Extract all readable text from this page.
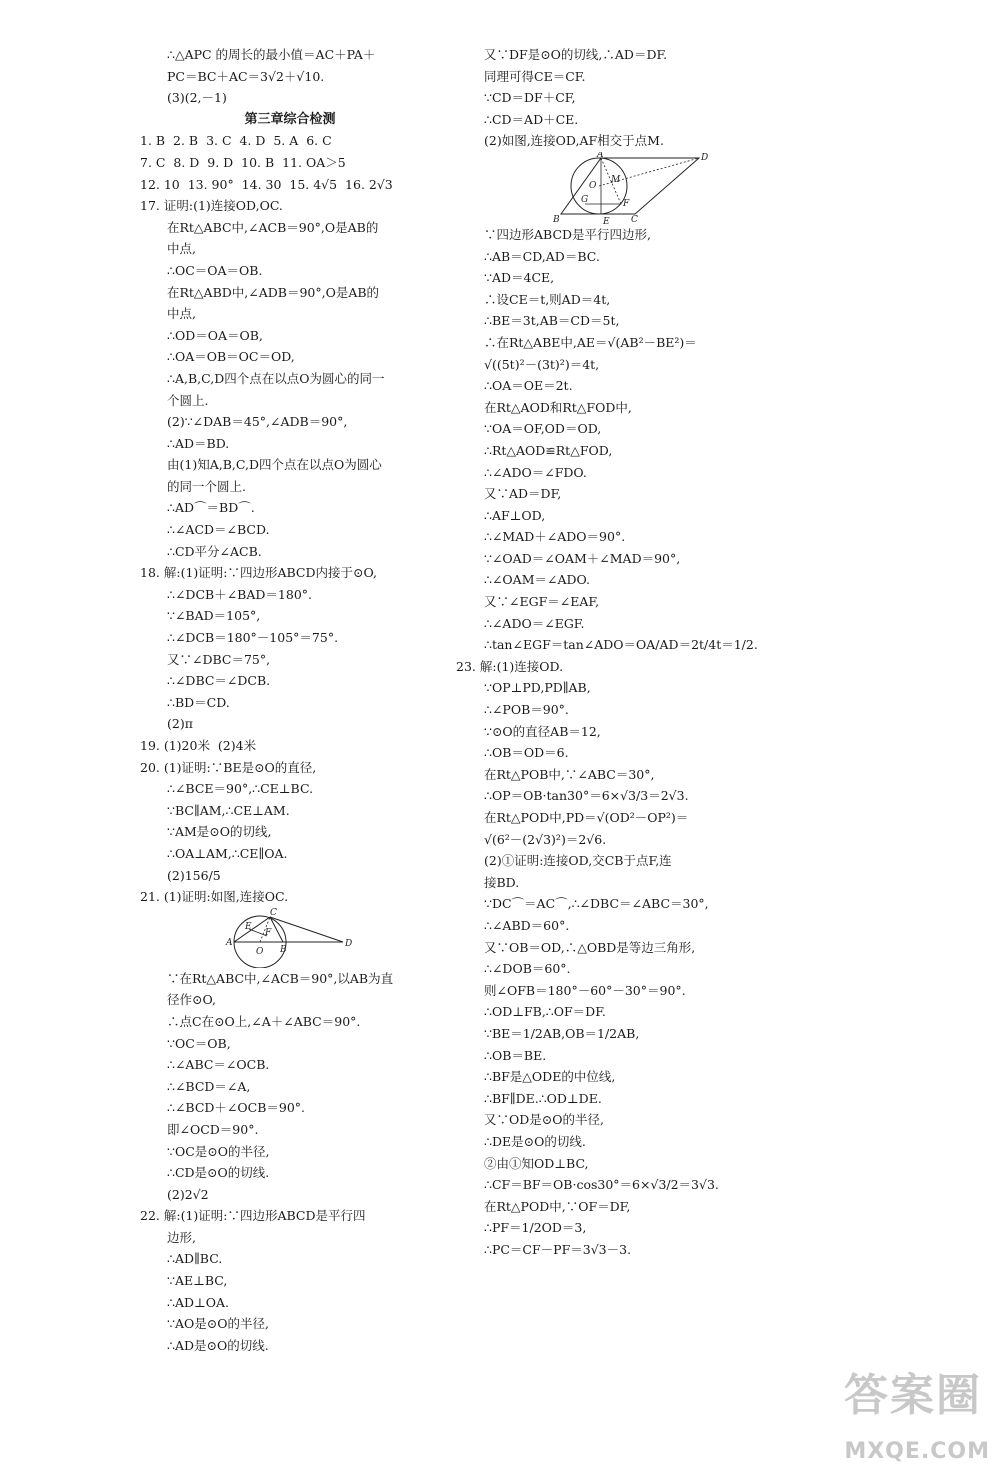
∴△APC 的周长的最小值＝AC＋PA＋
PC＝BC＋AC＝3√2＋√10.
(3)(2,－1)
第三章综合检测
1. B  2. B  3. C  4. D  5. A  6. C
7. C  8. D  9. D  10. B  11. OA＞5
12. 10  13. 90°  14. 30  15. 4√5  16. 2√3
17. 证明:(1)连接OD,OC.
在Rt△ABC中,∠ACB＝90°,O是AB的
中点,
∴OC＝OA＝OB.
在Rt△ABD中,∠ADB＝90°,O是AB的
中点,
∴OD＝OA＝OB,
∴OA＝OB＝OC＝OD,
∴A,B,C,D四个点在以点O为圆心的同一
个圆上.
(2)∵∠DAB＝45°,∠ADB＝90°,
∴AD＝BD.
由(1)知A,B,C,D四个点在以点O为圆心
的同一个圆上.
∴AD⌒＝BD⌒.
∴∠ACD＝∠BCD.
∴CD平分∠ACB.
18. 解:(1)证明:∵四边形ABCD内接于⊙O,
∴∠DCB＋∠BAD＝180°.
∵∠BAD＝105°,
∴∠DCB＝180°－105°＝75°.
又∵∠DBC＝75°,
∴∠DBC＝∠DCB.
∴BD＝CD.
(2)π
19. (1)20米  (2)4米
20. (1)证明:∵BE是⊙O的直径,
∴∠BCE＝90°,∴CE⊥BC.
∵BC∥AM,∴CE⊥AM.
∵AM是⊙O的切线,
∴OA⊥AM,∴CE∥OA.
(2)156/5
21. (1)证明:如图,连接OC.
C
E
F
A
O B
D
∵在Rt△ABC中,∠ACB＝90°,以AB为直
径作⊙O,
∴点C在⊙O上,∠A＋∠ABC＝90°.
∵OC＝OB,
∴∠ABC＝∠OCB.
∴∠BCD＝∠A,
∴∠BCD＋∠OCB＝90°.
即∠OCD＝90°.
∵OC是⊙O的半径,
∴CD是⊙O的切线.
(2)2√2
22. 解:(1)证明:∵四边形ABCD是平行四
边形,
∴AD∥BC.
∵AE⊥BC,
∴AD⊥OA.
∵AO是⊙O的半径,
∴AD是⊙O的切线.
又∵DF是⊙O的切线,∴AD＝DF.
同理可得CE＝CF.
∵CD＝DF＋CF,
∴CD＝AD＋CE.
(2)如图,连接OD,AF相交于点M.
A	D
O
M
G
B	E
F
C
∵四边形ABCD是平行四边形,
∴AB＝CD,AD＝BC.
∵AD＝4CE,
∴设CE＝t,则AD＝4t,
∴BE＝3t,AB＝CD＝5t,
∴在Rt△ABE中,AE＝√(AB²－BE²)＝
√((5t)²－(3t)²)＝4t,
∴OA＝OE＝2t.
在Rt△AOD和Rt△FOD中,
∵OA＝OF,OD＝OD,
∴Rt△AOD≌Rt△FOD,
∴∠ADO＝∠FDO.
又∵AD＝DF,
∴AF⊥OD,
∴∠MAD＋∠ADO＝90°.
∵∠OAD＝∠OAM＋∠MAD＝90°,
∴∠OAM＝∠ADO.
又∵∠EGF＝∠EAF,
∴∠ADO＝∠EGF.
∴tan∠EGF＝tan∠ADO＝OA/AD＝2t/4t＝1/2.
23. 解:(1)连接OD.
∵OP⊥PD,PD∥AB,
∴∠POB＝90°.
∵⊙O的直径AB＝12,
∴OB＝OD＝6.
在Rt△POB中,∵∠ABC＝30°,
∴OP＝OB·tan30°＝6×√3/3＝2√3.
在Rt△POD中,PD＝√(OD²－OP²)＝
√(6²－(2√3)²)＝2√6.
(2)①证明:连接OD,交CB于点F,连
接BD.
∵DC⌒＝AC⌒,∴∠DBC＝∠ABC＝30°,
∴∠ABD＝60°.
又∵OB＝OD,∴△OBD是等边三角形,
∴∠DOB＝60°.
则∠OFB＝180°－60°－30°＝90°.
∴OD⊥FB,∴OF＝DF.
∵BE＝1/2AB,OB＝1/2AB,
∴OB＝BE.
∴BF是△ODE的中位线,
∴BF∥DE.∴OD⊥DE.
又∵OD是⊙O的半径,
∴DE是⊙O的切线.
②由①知OD⊥BC,
∴CF＝BF＝OB·cos30°＝6×√3/2＝3√3.
在Rt△POD中,∵OF＝DF,
∴PF＝1/2OD＝3,
∴PC＝CF－PF＝3√3－3.
答案圈
MXQE.COM
